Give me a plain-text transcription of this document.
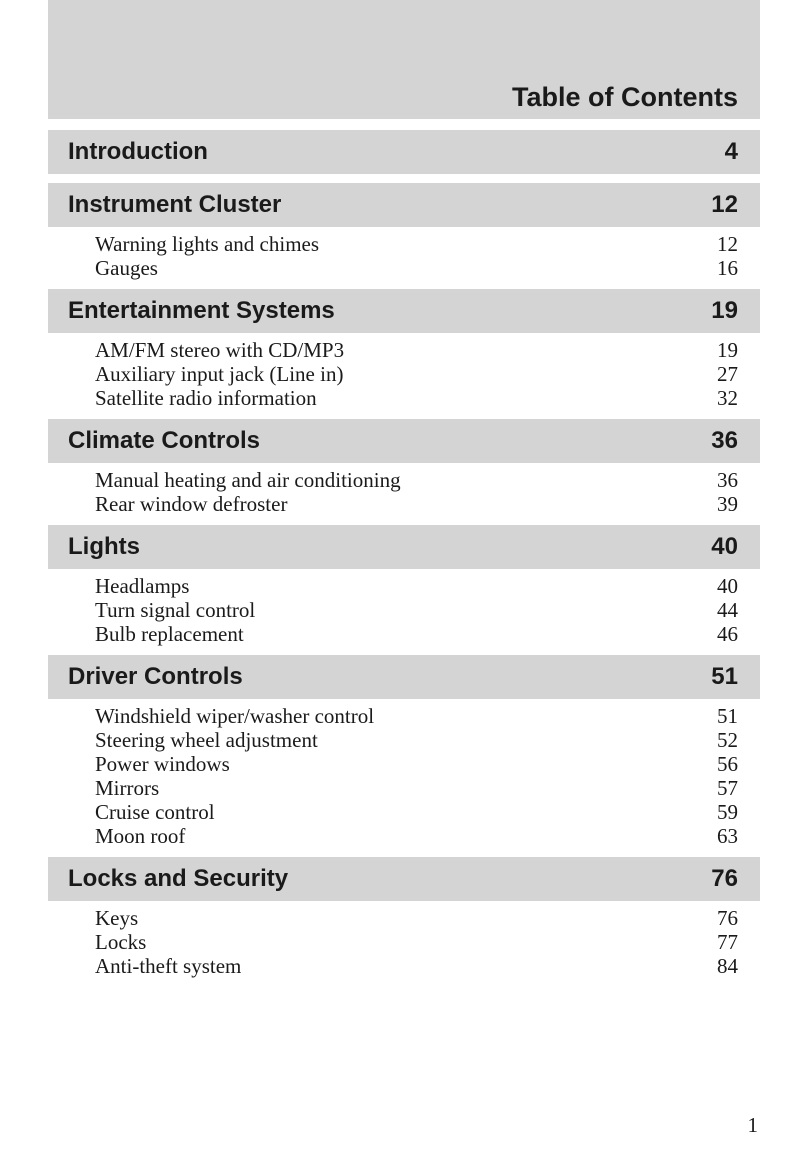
Table of Contents
Introduction	4
Instrument Cluster	12
Warning lights and chimes	12
Gauges	16
Entertainment Systems	19
AM/FM stereo with CD/MP3	19
Auxiliary input jack (Line in)	27
Satellite radio information	32
Climate Controls	36
Manual heating and air conditioning	36
Rear window defroster	39
Lights	40
Headlamps	40
Turn signal control	44
Bulb replacement	46
Driver Controls	51
Windshield wiper/washer control	51
Steering wheel adjustment	52
Power windows	56
Mirrors	57
Cruise control	59
Moon roof	63
Locks and Security	76
Keys	76
Locks	77
Anti-theft system	84
1
